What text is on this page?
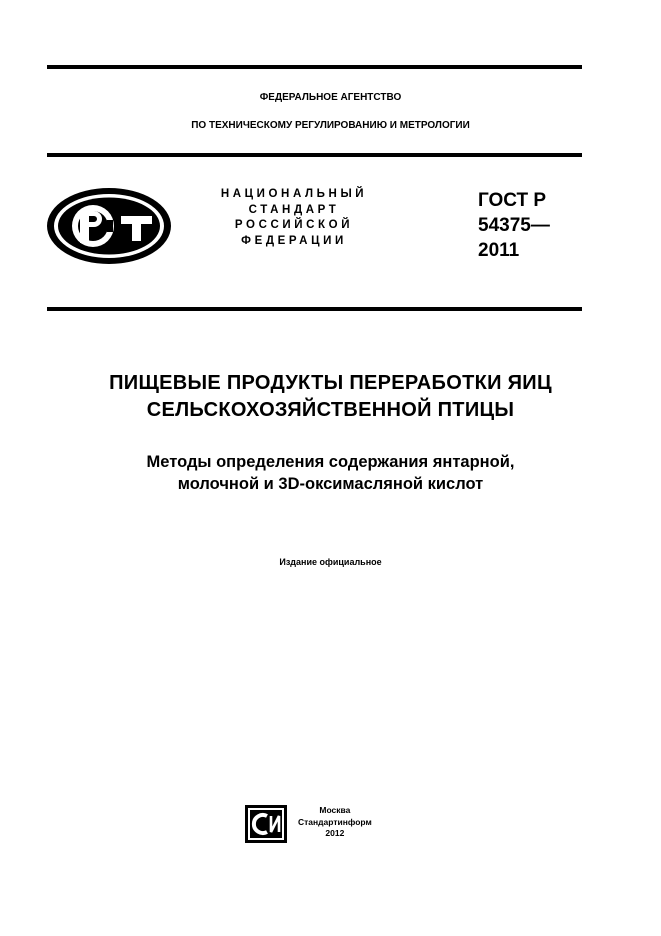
ФЕДЕРАЛЬНОЕ АГЕНТСТВО
ПО ТЕХНИЧЕСКОМУ РЕГУЛИРОВАНИЮ И МЕТРОЛОГИИ
НАЦИОНАЛЬНЫЙ
СТАНДАРТ
РОССИЙСКОЙ
ФЕДЕРАЦИИ
ГОСТ Р
54375—
2011
ПИЩЕВЫЕ ПРОДУКТЫ ПЕРЕРАБОТКИ ЯИЦ
СЕЛЬСКОХОЗЯЙСТВЕННОЙ ПТИЦЫ
Методы определения содержания янтарной,
молочной и 3D-оксимасляной кислот
Издание официальное
Москва
Стандартинформ
2012
